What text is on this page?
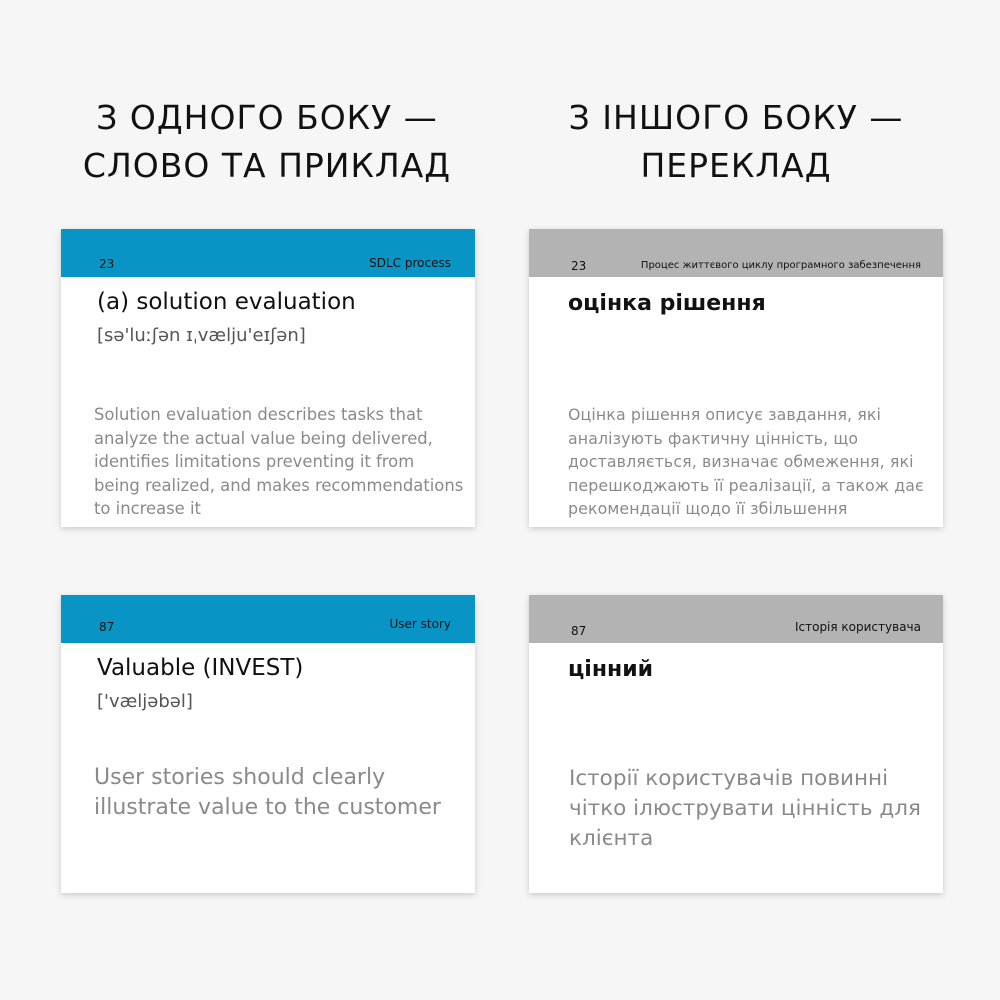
З ОДНОГО БОКУ —
СЛОВО ТА ПРИКЛАД
З ІНШОГО БОКУ —
ПЕРЕКЛАД
23	SDLC process
(a) solution evaluation
[sə'luːʃən ɪˌvælju'eɪʃən]
Solution evaluation describes tasks that analyze the actual value being delivered, identifies limitations preventing it from being realized, and makes recommendations to increase it
23	Процес життєвого циклу програмного забезпечення
оцінка рішення
Оцінка рішення описує завдання, які аналізують фактичну цінність, що доставляється, визначає обмеження, які перешкоджають її реалізації, а також дає рекомендації щодо її збільшення
87	User story
Valuable (INVEST)
['væljəbəl]
User stories should clearly illustrate value to the customer
87	Історія користувача
цінний
Історії користувачів повинні чітко ілюструвати цінність для клієнта
